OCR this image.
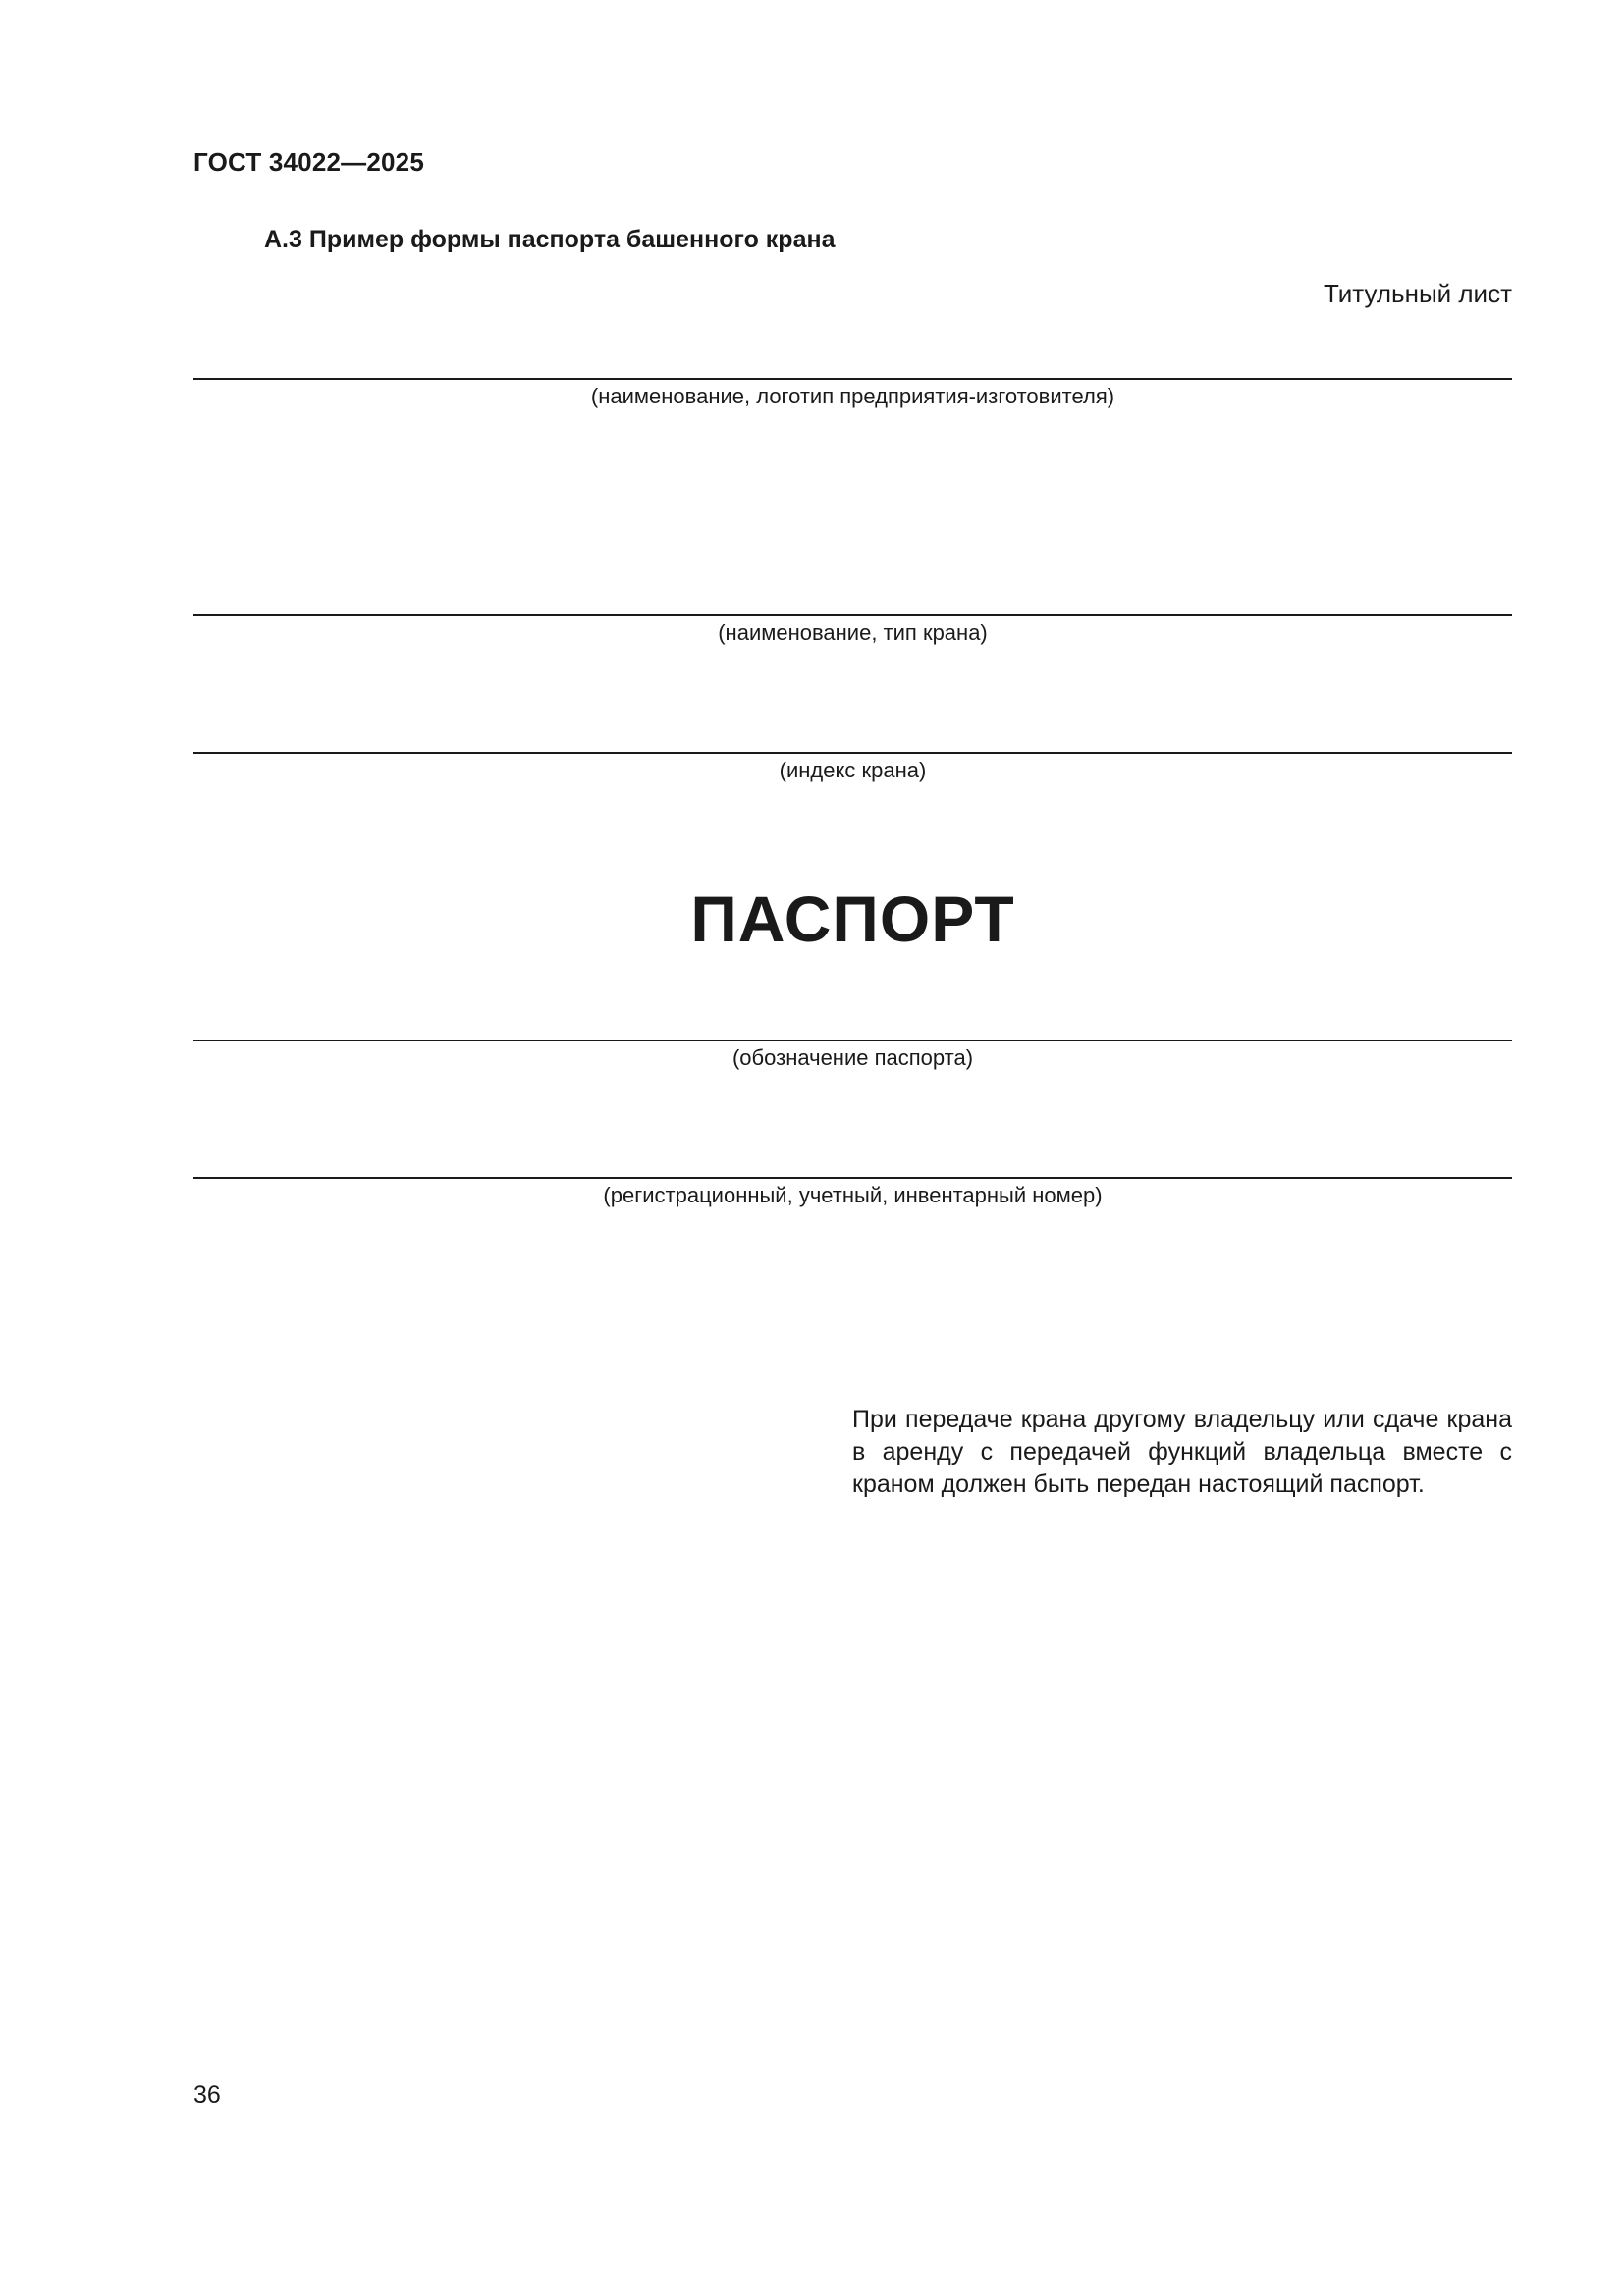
ГОСТ 34022—2025
А.3 Пример формы паспорта башенного крана
Титульный лист
(наименование, логотип предприятия-изготовителя)
(наименование, тип крана)
(индекс крана)
ПАСПОРТ
(обозначение паспорта)
(регистрационный, учетный, инвентарный номер)
При передаче крана другому владельцу или сдаче крана в аренду с передачей функций владельца вместе с краном должен быть передан настоящий паспорт.
36
